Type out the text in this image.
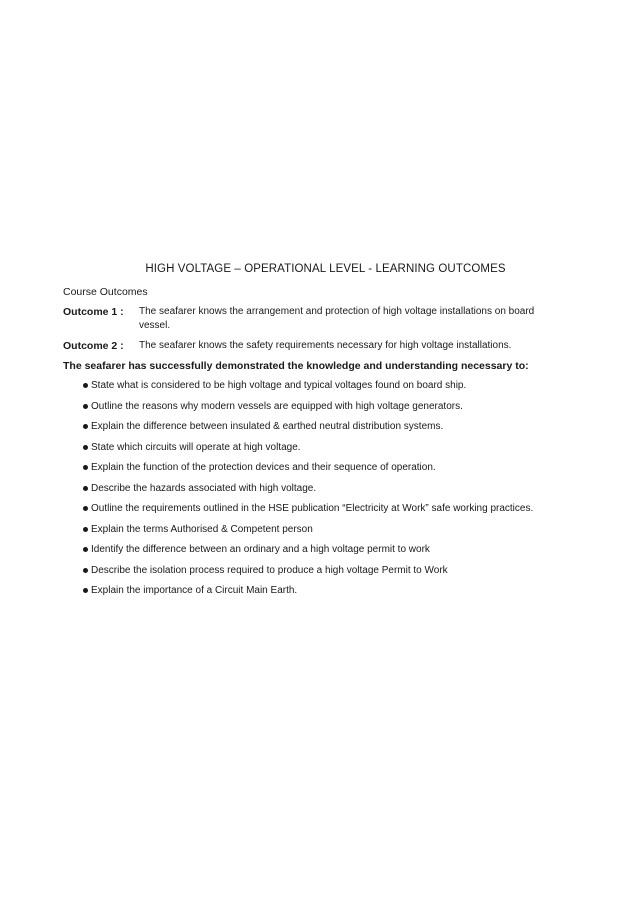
HIGH VOLTAGE – OPERATIONAL LEVEL - LEARNING OUTCOMES
Course Outcomes
Outcome 1 :	The seafarer knows the arrangement and protection of high voltage installations on board vessel.
Outcome 2 :	The seafarer knows the safety requirements necessary for high voltage installations.
The seafarer has successfully demonstrated the knowledge and understanding necessary to:
State what is considered to be high voltage and typical voltages found on board ship.
Outline the reasons why modern vessels are equipped with high voltage generators.
Explain the difference between insulated & earthed neutral distribution systems.
State which circuits will operate at high voltage.
Explain the function of the protection devices and their sequence of operation.
Describe the hazards associated with high voltage.
Outline the requirements outlined in the HSE publication “Electricity at Work” safe working practices.
Explain the terms Authorised & Competent person
Identify the difference between an ordinary and a high voltage permit to work
Describe the isolation process required to produce a high voltage Permit to Work
Explain the importance of a Circuit Main Earth.
